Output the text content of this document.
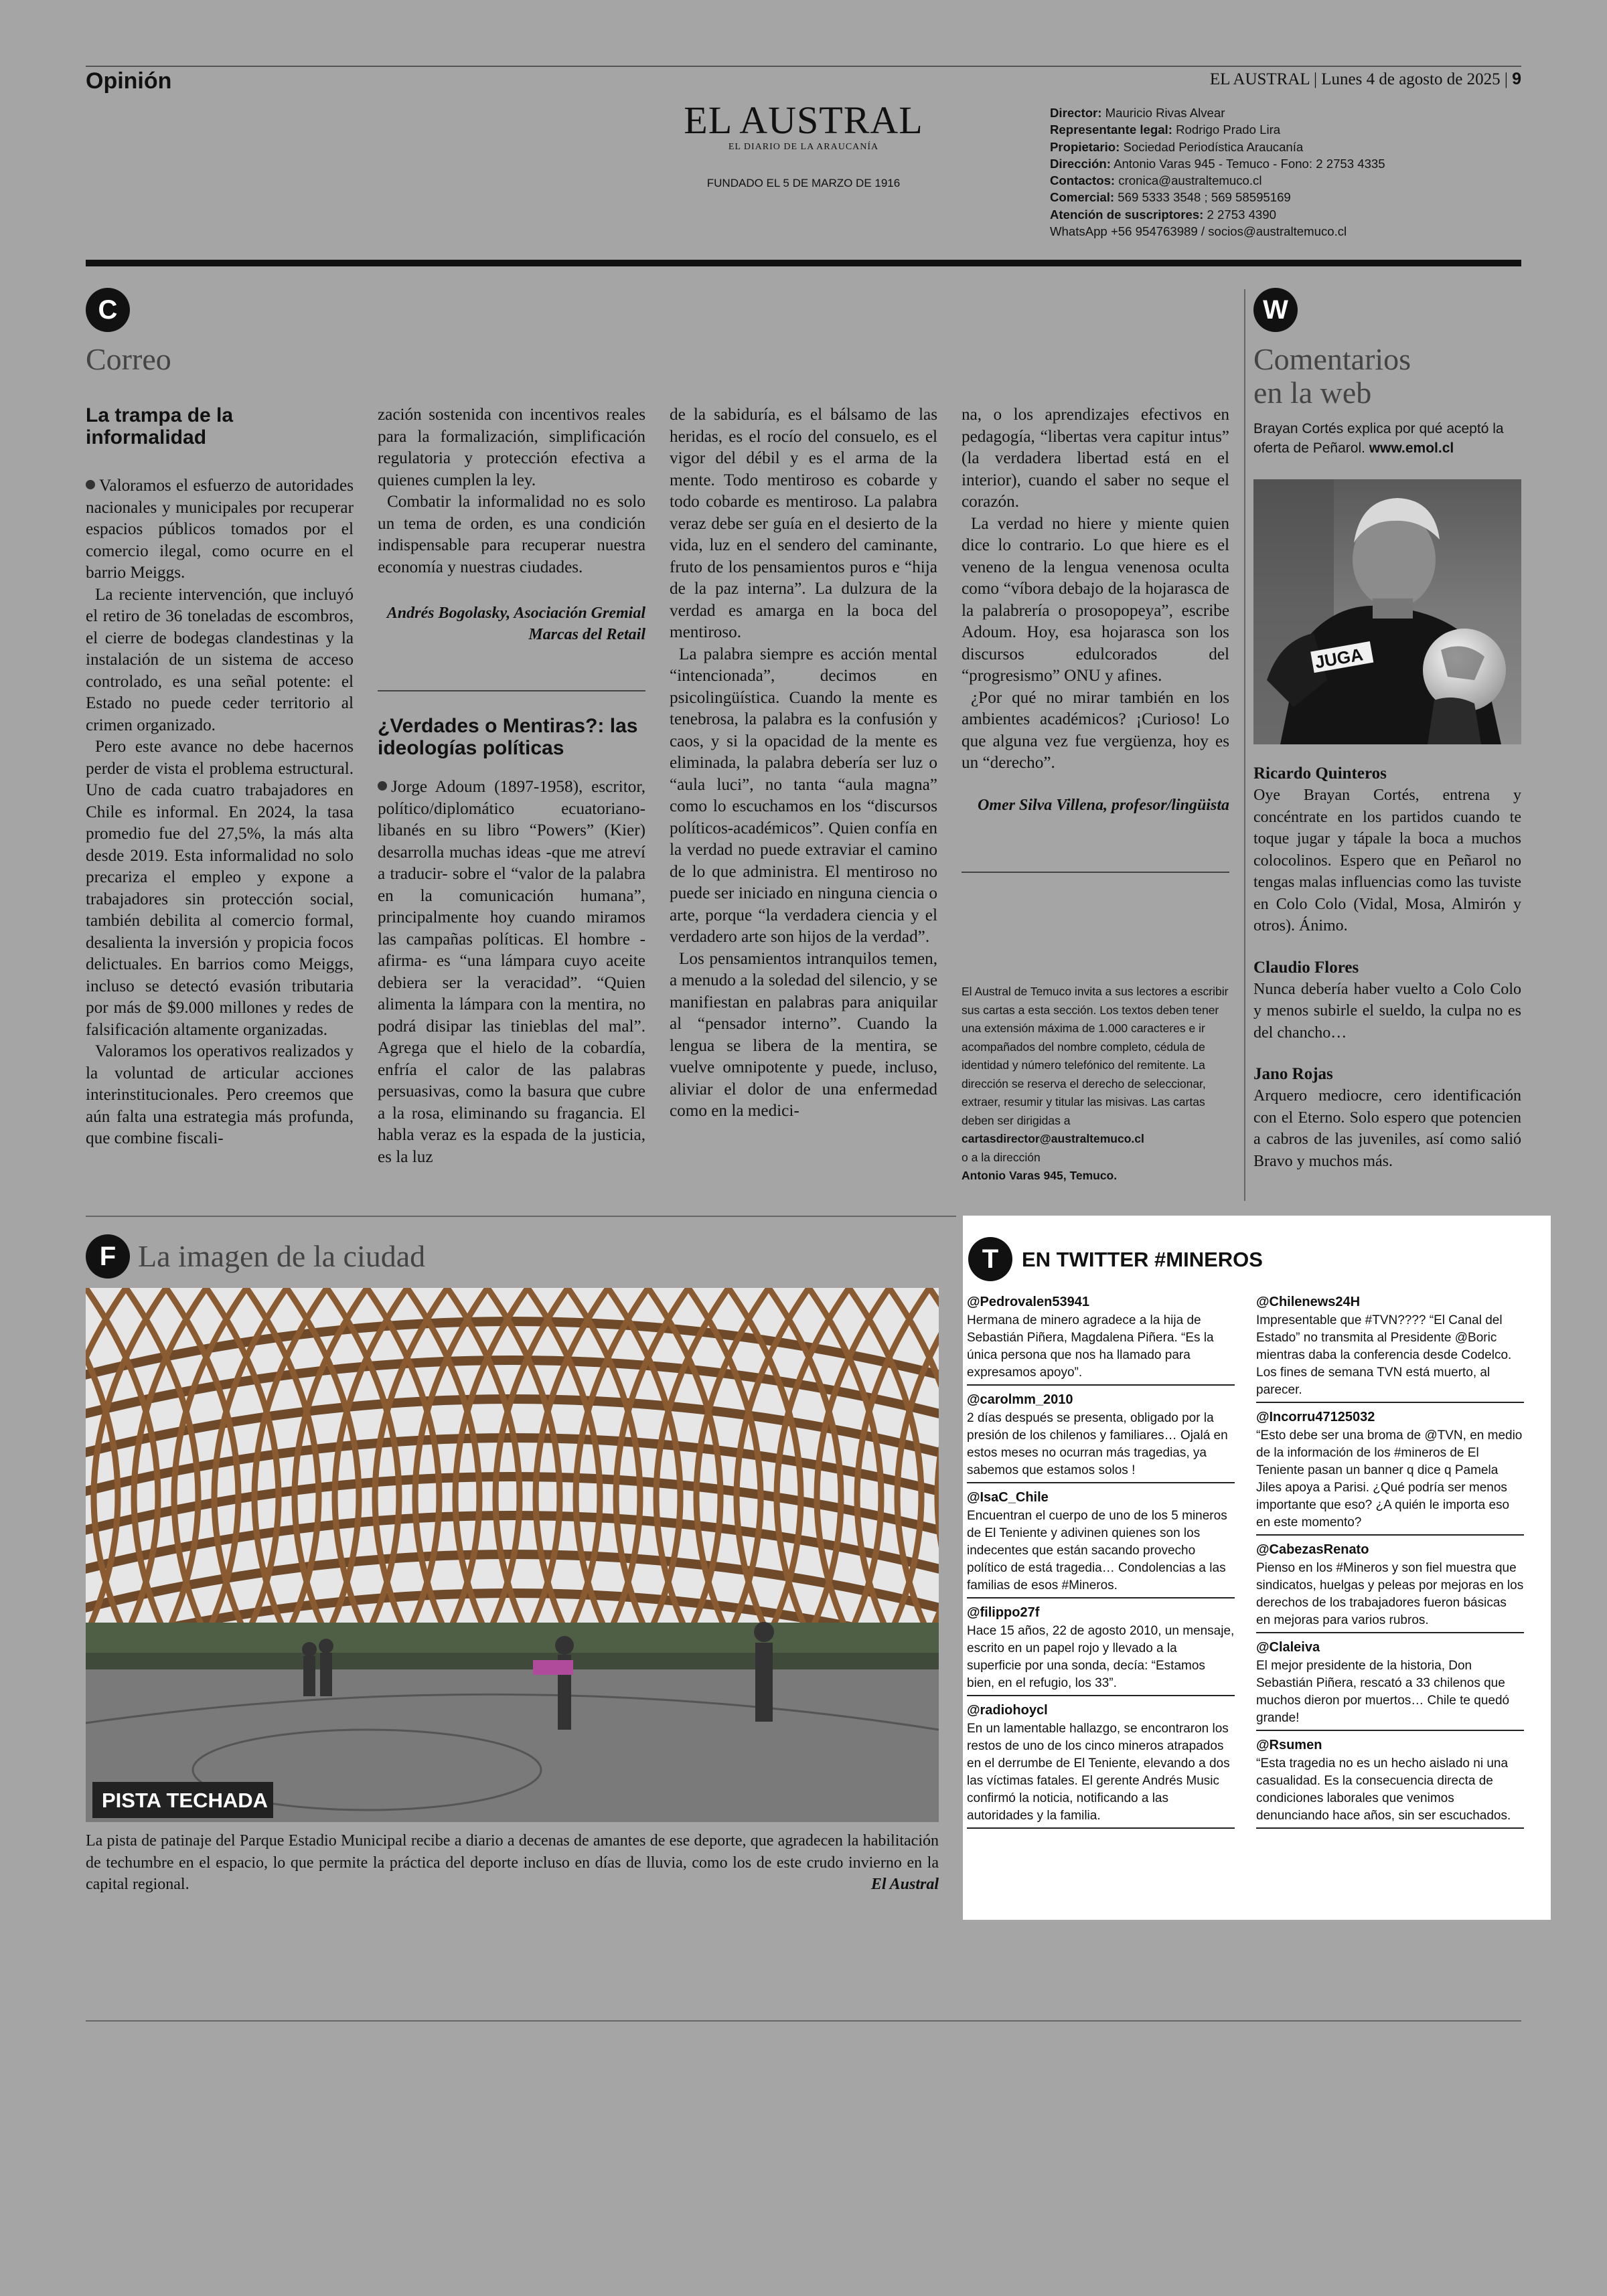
Opinión	EL AUSTRAL | Lunes 4 de agosto de 2025 | 9
EL AUSTRAL
EL DIARIO DE LA ARAUCANÍA
FUNDADO EL 5 DE MARZO DE 1916
Director: Mauricio Rivas Alvear
Representante legal: Rodrigo Prado Lira
Propietario: Sociedad Periodística Araucanía
Dirección: Antonio Varas 945 - Temuco - Fono: 2 2753 4335
Contactos: cronica@australtemuco.cl
Comercial: 569 5333 3548 ; 569 58595169
Atención de suscriptores: 2 2753 4390
WhatsApp +56 954763989 / socios@australtemuco.cl
C
Correo
La trampa de la informalidad

Valoramos el esfuerzo de autoridades nacionales y municipales por recuperar espacios públicos tomados por el comercio ilegal, como ocurre en el barrio Meiggs.

La reciente intervención, que incluyó el retiro de 36 toneladas de escombros, el cierre de bodegas clandestinas y la instalación de un sistema de acceso controlado, es una señal potente: el Estado no puede ceder territorio al crimen organizado.

Pero este avance no debe hacernos perder de vista el problema estructural. Uno de cada cuatro trabajadores en Chile es informal. En 2024, la tasa promedio fue del 27,5%, la más alta desde 2019. Esta informalidad no solo precariza el empleo y expone a trabajadores sin protección social, también debilita al comercio formal, desalienta la inversión y propicia focos delictuales. En barrios como Meiggs, incluso se detectó evasión tributaria por más de $9.000 millones y redes de falsificación altamente organizadas.

Valoramos los operativos realizados y la voluntad de articular acciones interinstitucionales. Pero creemos que aún falta una estrategia más profunda, que combine fiscali-

zación sostenida con incentivos reales para la formalización, simplificación regulatoria y protección efectiva a quienes cumplen la ley.

Combatir la informalidad no es solo un tema de orden, es una condición indispensable para recuperar nuestra economía y nuestras ciudades.

Andrés Bogolasky, Asociación Gremial Marcas del Retail
¿Verdades o Mentiras?: las ideologías políticas

Jorge Adoum (1897-1958), escritor, político/diplomático ecuatoriano-libanés en su libro “Powers” (Kier) desarrolla muchas ideas -que me atreví a traducir- sobre el “valor de la palabra en la comunicación humana”, principalmente hoy cuando miramos las campañas políticas. El hombre -afirma- es “una lámpara cuyo aceite debiera ser la veracidad”. “Quien alimenta la lámpara con la mentira, no podrá disipar las tinieblas del mal”. Agrega que el hielo de la cobardía, enfría el calor de las palabras persuasivas, como la basura que cubre a la rosa, eliminando su fragancia. El habla veraz es la espada de la justicia, es la luz

de la sabiduría, es el bálsamo de las heridas, es el rocío del consuelo, es el vigor del débil y es el arma de la mente. Todo mentiroso es cobarde y todo cobarde es mentiroso. La palabra veraz debe ser guía en el desierto de la vida, luz en el sendero del caminante, fruto de los pensamientos puros e “hija de la paz interna”. La dulzura de la verdad es amarga en la boca del mentiroso.

La palabra siempre es acción mental “intencionada”, decimos en psicolingüística. Cuando la mente es tenebrosa, la palabra es la confusión y caos, y si la opacidad de la mente es eliminada, la palabra debería ser luz o “aula luci”, no tanta “aula magna” como lo escuchamos en los “discursos políticos-académicos”. Quien confía en la verdad no puede extraviar el camino de lo que administra. El mentiroso no puede ser iniciado en ninguna ciencia o arte, porque “la verdadera ciencia y el verdadero arte son hijos de la verdad”.

Los pensamientos intranquilos temen, a menudo a la soledad del silencio, y se manifiestan en palabras para aniquilar al “pensador interno”. Cuando la lengua se libera de la mentira, se vuelve omnipotente y puede, incluso, aliviar el dolor de una enfermedad como en la medici-

na, o los aprendizajes efectivos en pedagogía, “libertas vera capitur intus” (la verdadera libertad está en el interior), cuando el saber no seque el corazón.

La verdad no hiere y miente quien dice lo contrario. Lo que hiere es el veneno de la lengua venenosa oculta como “víbora debajo de la hojarasca de la palabrería o prosopopeya”, escribe Adoum. Hoy, esa hojarasca son los discursos edulcorados del “progresismo” ONU y afines.

¿Por qué no mirar también en los ambientes académicos? ¡Curioso! Lo que alguna vez fue vergüenza, hoy es un “derecho”.

Omer Silva Villena, profesor/lingüista
El Austral de Temuco invita a sus lectores a escribir sus cartas a esta sección. Los textos deben tener una extensión máxima de 1.000 caracteres e ir acompañados del nombre completo, cédula de identidad y número telefónico del remitente. La dirección se reserva el derecho de seleccionar, extraer, resumir y titular las misivas. Las cartas deben ser dirigidas a cartasdirector@australtemuco.cl
o a la dirección
Antonio Varas 945, Temuco.
W
Comentarios
en la web
Brayan Cortés explica por qué aceptó la oferta de Peñarol. www.emol.cl
JUGA
Ricardo Quinteros
Oye Brayan Cortés, entrena y concéntrate en los partidos cuando te toque jugar y tápale la boca a muchos colocolinos. Espero que en Peñarol no tengas malas influencias como las tuviste en Colo Colo (Vidal, Mosa, Almirón y otros). Ánimo.
Claudio Flores
Nunca debería haber vuelto a Colo Colo y menos subirle el sueldo, la culpa no es del chancho…
Jano Rojas
Arquero mediocre, cero identificación con el Eterno. Solo espero que potencien a cabros de las juveniles, así como salió Bravo y muchos más.
F La imagen de la ciudad
PISTA TECHADA
La pista de patinaje del Parque Estadio Municipal recibe a diario a decenas de amantes de ese deporte, que agradecen la habilitación de techumbre en el espacio, lo que permite la práctica del deporte incluso en días de lluvia, como los de este crudo invierno en la capital regional.	El Austral
T	EN TWITTER #MINEROS
@Pedrovalen53941
Hermana de minero agradece a la hija de Sebastián Piñera, Magdalena Piñera. “Es la única persona que nos ha llamado para expresamos apoyo”.
@carolmm_2010
2 días después se presenta, obligado por la presión de los chilenos y familiares… Ojalá en estos meses no ocurran más tragedias, ya sabemos que estamos solos !
@IsaC_Chile
Encuentran el cuerpo de uno de los 5 mineros de El Teniente y adivinen quienes son los indecentes que están sacando provecho político de está tragedia… Condolencias a las familias de esos #Mineros.
@filippo27f
Hace 15 años, 22 de agosto 2010, un mensaje, escrito en un papel rojo y llevado a la superficie por una sonda, decía: “Estamos bien, en el refugio, los 33”.
@radiohoycl
En un lamentable hallazgo, se encontraron los restos de uno de los cinco mineros atrapados en el derrumbe de El Teniente, elevando a dos las víctimas fatales. El gerente Andrés Music confirmó la noticia, notificando a las autoridades y la familia.
@Chilenews24H
Impresentable que #TVN???? “El Canal del Estado” no transmita al Presidente @Boric mientras daba la conferencia desde Codelco. Los fines de semana TVN está muerto, al parecer.
@Incorru47125032
“Esto debe ser una broma de @TVN, en medio de la información de los #mineros de El Teniente pasan un banner q dice q Pamela Jiles apoya a Parisi. ¿Qué podría ser menos importante que eso? ¿A quién le importa eso en este momento?
@CabezasRenato
Pienso en los #Mineros y son fiel muestra que sindicatos, huelgas y peleas por mejoras en los derechos de los trabajadores fueron básicas en mejoras para varios rubros.
@Claleiva
El mejor presidente de la historia, Don Sebastián Piñera, rescató a 33 chilenos que muchos dieron por muertos… Chile te quedó grande!
@Rsumen
“Esta tragedia no es un hecho aislado ni una casualidad. Es la consecuencia directa de condiciones laborales que venimos denunciando hace años, sin ser escuchados.
